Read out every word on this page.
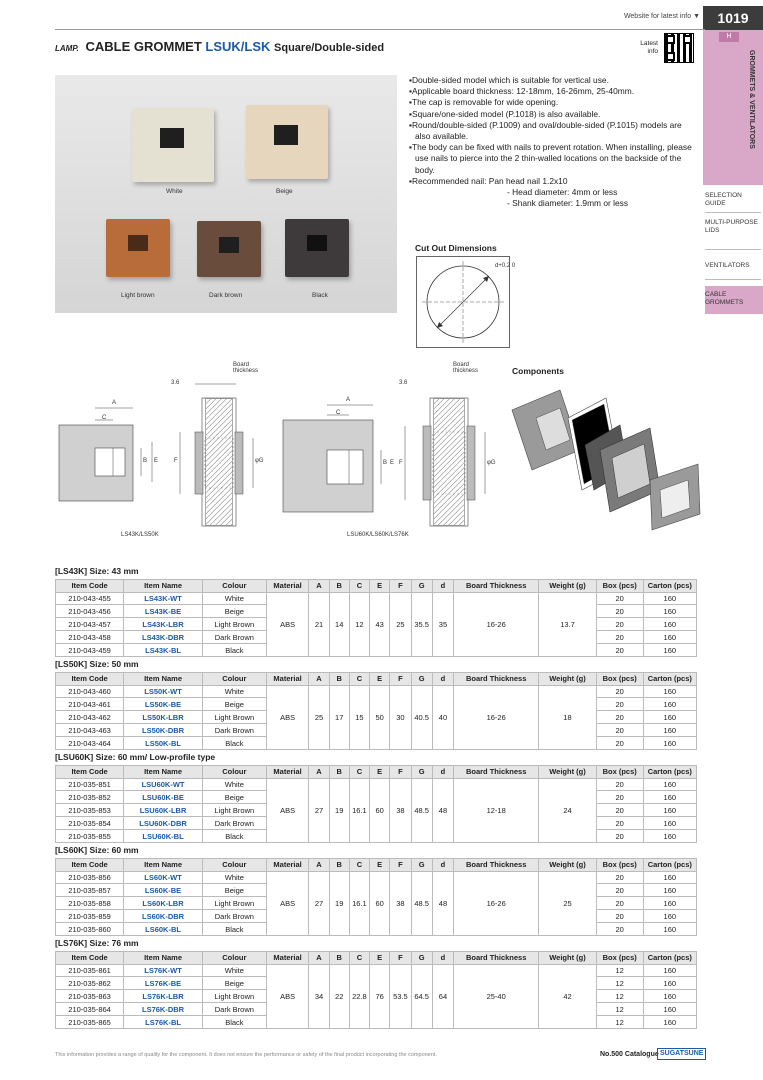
Website for latest info ▼	1019
LAMP. CABLE GROMMET LSUK/LSK Square/Double-sided	Latest info
H
GROMMETS & VENTILATORS
SELECTION GUIDE
MULTI-PURPOSE LIDS
VENTILATORS
CABLE GROMMETS
White	Beige
Light brown	Dark brown	Black
▪Double-sided model which is suitable for vertical use.
▪Applicable board thickness: 12-18mm, 16-26mm, 25-40mm.
▪The cap is removable for wide opening.
▪Square/one-sided model (P.1018) is also available.
▪Round/double-sided (P.1009) and oval/double-sided (P.1015) models are also available.
▪The body can be fixed with nails to prevent rotation. When installing, please use nails to pierce into the 2 thin-walled locations on the backside of the body.
▪Recommended nail: Pan head nail 1.2x10
- Head diameter: 4mm or less
- Shank diameter: 1.9mm or less
Cut Out Dimensions
d+0.2 0
3.6
Board thickness
A
C
B E	F	φG
3.6
Board thickness
A
C
B E F	φG
LS43K/LS50K	LSU60K/LS60K/LS76K
Components
[LS43K] Size: 43 mm
Item Code	Item Name	Colour	Material	A	B	C	E	F	G	d	Board Thickness	Weight (g)	Box (pcs)	Carton (pcs)
210-043-455	LS43K-WT	White	ABS	21	14	12	43	25	35.5	35	16-26	13.7	20	160
210-043-456	LS43K-BE	Beige											20	160
210-043-457	LS43K-LBR	Light Brown											20	160
210-043-458	LS43K-DBR	Dark Brown											20	160
210-043-459	LS43K-BL	Black											20	160
[LS50K] Size: 50 mm
Item Code	Item Name	Colour	Material	A	B	C	E	F	G	d	Board Thickness	Weight (g)	Box (pcs)	Carton (pcs)
210-043-460	LS50K-WT	White	ABS	25	17	15	50	30	40.5	40	16-26	18	20	160
210-043-461	LS50K-BE	Beige											20	160
210-043-462	LS50K-LBR	Light Brown											20	160
210-043-463	LS50K-DBR	Dark Brown											20	160
210-043-464	LS50K-BL	Black											20	160
[LSU60K] Size: 60 mm/ Low-profile type
Item Code	Item Name	Colour	Material	A	B	C	E	F	G	d	Board Thickness	Weight (g)	Box (pcs)	Carton (pcs)
210-035-851	LSU60K-WT	White	ABS	27	19	16.1	60	38	48.5	48	12-18	24	20	160
210-035-852	LSU60K-BE	Beige											20	160
210-035-853	LSU60K-LBR	Light Brown											20	160
210-035-854	LSU60K-DBR	Dark Brown											20	160
210-035-855	LSU60K-BL	Black											20	160
[LS60K] Size: 60 mm
Item Code	Item Name	Colour	Material	A	B	C	E	F	G	d	Board Thickness	Weight (g)	Box (pcs)	Carton (pcs)
210-035-856	LS60K-WT	White	ABS	27	19	16.1	60	38	48.5	48	16-26	25	20	160
210-035-857	LS60K-BE	Beige											20	160
210-035-858	LS60K-LBR	Light Brown											20	160
210-035-859	LS60K-DBR	Dark Brown											20	160
210-035-860	LS60K-BL	Black											20	160
[LS76K] Size: 76 mm
Item Code	Item Name	Colour	Material	A	B	C	E	F	G	d	Board Thickness	Weight (g)	Box (pcs)	Carton (pcs)
210-035-861	LS76K-WT	White	ABS	34	22	22.8	76	53.5	64.5	64	25-40	42	12	160
210-035-862	LS76K-BE	Beige											12	160
210-035-863	LS76K-LBR	Light Brown											12	160
210-035-864	LS76K-DBR	Dark Brown											12	160
210-035-865	LS76K-BL	Black											12	160
This information provides a range of quality for the component. It does not ensure the performance or safety of the final product incorporating the component.	No.500 Catalogue SUGATSUNE
